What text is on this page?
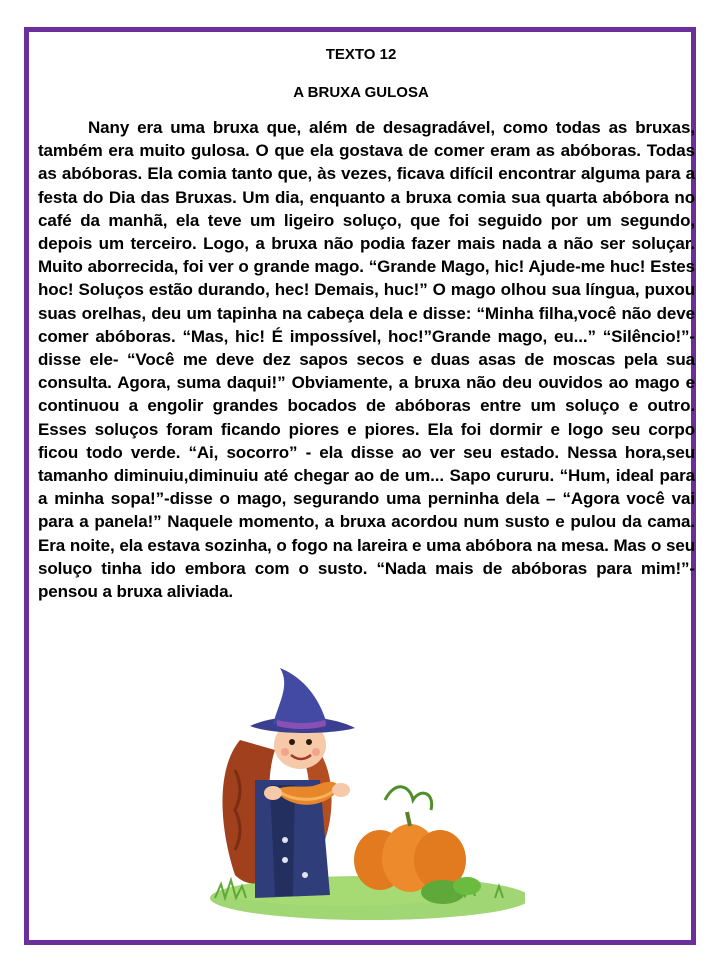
TEXTO 12
A BRUXA GULOSA

Nany era uma bruxa que, além de desagradável, como todas as bruxas, também era muito gulosa. O que ela gostava de comer eram as abóboras. Todas as abóboras. Ela comia tanto que, às vezes, ficava difícil encontrar alguma para a festa do Dia das Bruxas. Um dia, enquanto a bruxa comia sua quarta abóbora no café da manhã, ela teve um ligeiro soluço, que foi seguido por um segundo, depois um terceiro. Logo, a bruxa não podia fazer mais nada a não ser soluçar. Muito aborrecida, foi ver o grande mago. “Grande Mago, hic! Ajude-me huc! Estes hoc! Soluços estão durando, hec! Demais, huc!” O mago olhou sua língua, puxou suas orelhas, deu um tapinha na cabeça dela e disse: “Minha filha,você não deve comer abóboras. “Mas, hic! É impossível, hoc!”Grande mago, eu...” “Silêncio!”- disse ele- “Você me deve dez sapos secos e duas asas de moscas pela sua consulta. Agora, suma daqui!” Obviamente, a bruxa não deu ouvidos ao mago e continuou a engolir grandes bocados de abóboras entre um soluço e outro. Esses soluços foram ficando piores e piores. Ela foi dormir e logo seu corpo ficou todo verde. “Ai, socorro” - ela disse ao ver seu estado. Nessa hora,seu tamanho diminuiu,diminuiu até chegar ao de um... Sapo cururu. “Hum, ideal para a minha sopa!”-disse o mago, segurando uma perninha dela – “Agora você vai para a panela!” Naquele momento, a bruxa acordou num susto e pulou da cama. Era noite, ela estava sozinha, o fogo na lareira e uma abóbora na mesa. Mas o seu soluço tinha ido embora com o susto. “Nada mais de abóboras para mim!”- pensou a bruxa aliviada.
